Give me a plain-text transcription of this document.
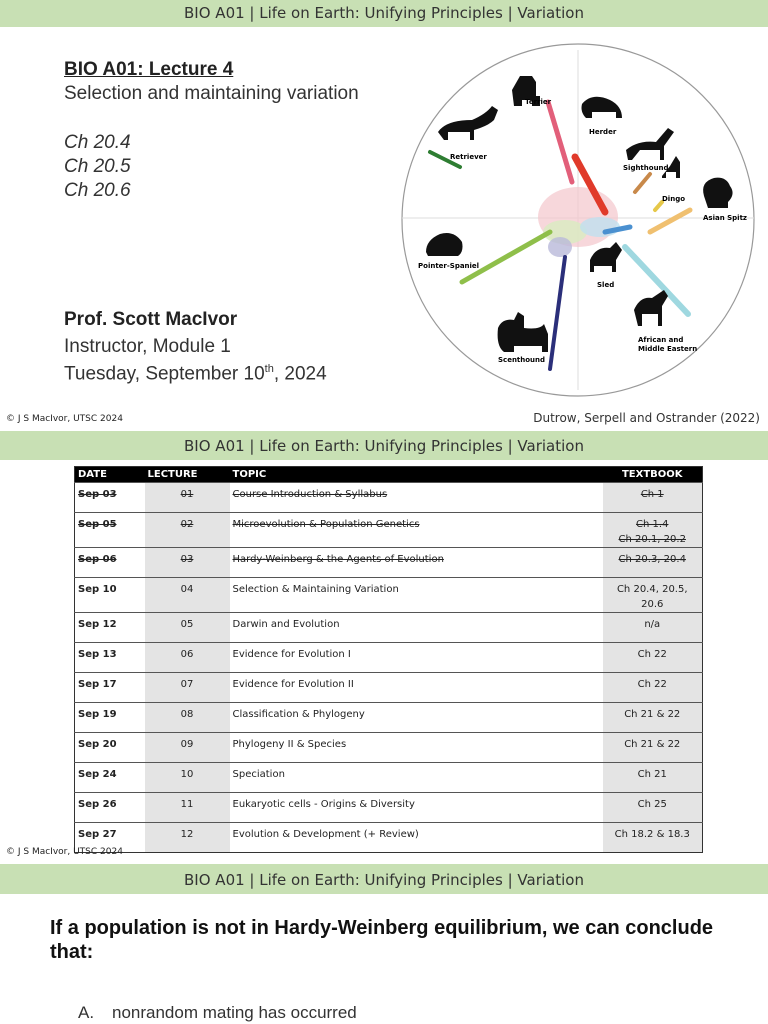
BIO A01 | Life on Earth: Unifying Principles | Variation
BIO A01: Lecture 4
Selection and maintaining variation
Ch 20.4
Ch 20.5
Ch 20.6
Prof. Scott MacIvor
Instructor, Module 1
Tuesday, September 10th, 2024
Terrier
Herder
Retriever
Sighthound
Dingo
Asian Spitz
Pointer-Spaniel
Sled
African and
Middle Eastern
Scenthound
© J S MacIvor, UTSC 2024	Dutrow, Serpell and Ostrander (2022)
BIO A01 | Life on Earth: Unifying Principles | Variation
DATE	LECTURE	TOPIC	TEXTBOOK
Sep 03	01	Course Introduction & Syllabus	Ch 1
Sep 05	02	Microevolution & Population Genetics	Ch 1.4
Ch 20.1, 20.2
Sep 06	03	Hardy-Weinberg & the Agents of Evolution	Ch 20.3, 20.4
Sep 10	04	Selection & Maintaining Variation	Ch 20.4, 20.5,
20.6
Sep 12	05	Darwin and Evolution	n/a
Sep 13	06	Evidence for Evolution I	Ch 22
Sep 17	07	Evidence for Evolution II	Ch 22
Sep 19	08	Classification & Phylogeny	Ch 21 & 22
Sep 20	09	Phylogeny II & Species	Ch 21 & 22
Sep 24	10	Speciation	Ch 21
Sep 26	11	Eukaryotic cells - Origins & Diversity	Ch 25
Sep 27	12	Evolution & Development (+ Review)	Ch 18.2 & 18.3
© J S MacIvor, UTSC 2024
BIO A01 | Life on Earth: Unifying Principles | Variation
If a population is not in Hardy-Weinberg equilibrium, we can conclude that:
A. nonrandom mating has occurred
